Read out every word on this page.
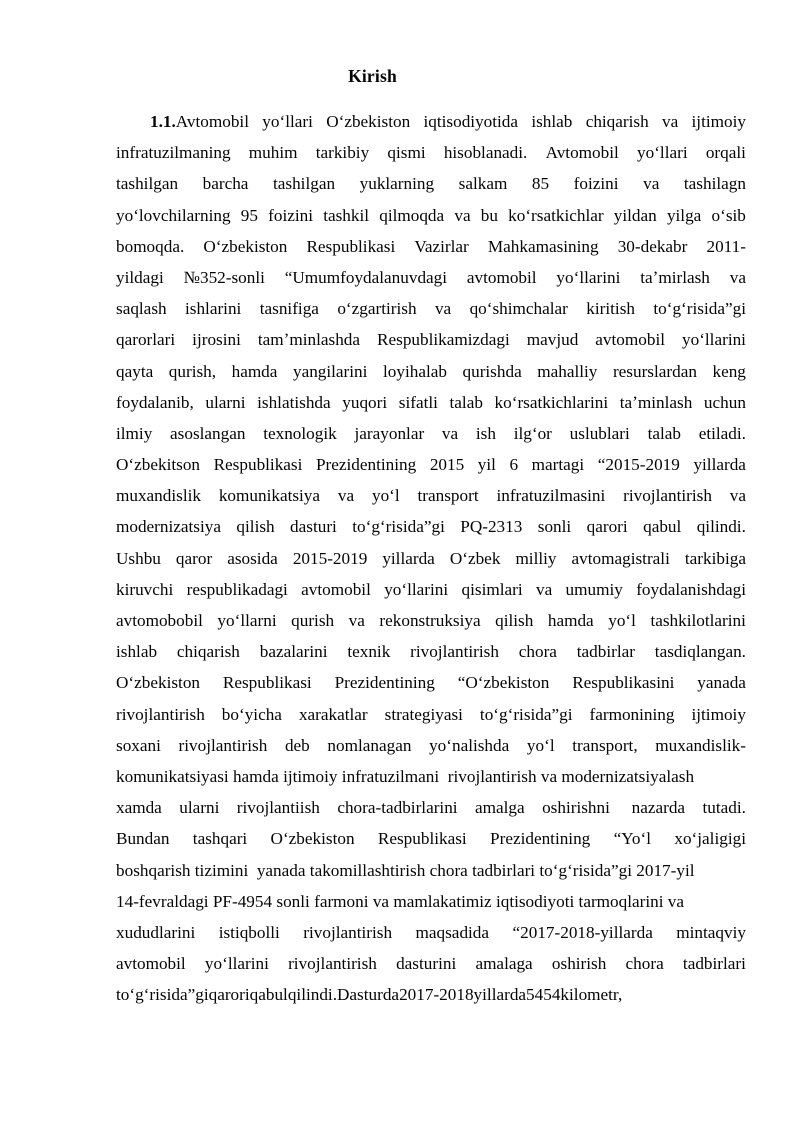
Kirish
1.1.Avtomobil yoʻllari Oʻzbekiston iqtisodiyotida ishlab chiqarish va ijtimoiy
infratuzilmaning muhim tarkibiy qismi hisoblanadi. Avtomobil yoʻllari orqali
tashilgan barcha tashilgan yuklarning salkam 85 foizini va tashilagn
yoʻlovchilarning 95 foizini tashkil qilmoqda va bu koʻrsatkichlar yildan yilga oʻsib
bomoqda. Oʻzbekiston Respublikasi Vazirlar Mahkamasining 30-dekabr 2011-
yildagi №352-sonli “Umumfoydalanuvdagi avtomobil yoʻllarini taʼmirlash va
saqlash ishlarini tasnifiga oʻzgartirish va qoʻshimchalar kiritish toʻgʻrisida”gi
qarorlari ijrosini tamʼminlashda Respublikamizdagi mavjud avtomobil yoʻllarini
qayta qurish, hamda yangilarini loyihalab qurishda mahalliy resurslardan keng
foydalanib, ularni ishlatishda yuqori sifatli talab koʻrsatkichlarini taʼminlash uchun
ilmiy asoslangan texnologik jarayonlar va ish ilgʻor uslublari talab etiladi.
Oʻzbekitson Respublikasi Prezidentining 2015 yil 6 martagi “2015-2019 yillarda
muxandislik komunikatsiya va yoʻl transport infratuzilmasini rivojlantirish va
modernizatsiya qilish dasturi toʻgʻrisida”gi PQ-2313 sonli qarori qabul qilindi.
Ushbu qaror asosida 2015-2019 yillarda Oʻzbek milliy avtomagistrali tarkibiga
kiruvchi respublikadagi avtomobil yoʻllarini qisimlari va umumiy foydalanishdagi
avtomobobil yoʻllarni qurish va rekonstruksiya qilish hamda yoʻl tashkilotlarini
ishlab chiqarish bazalarini texnik rivojlantirish chora tadbirlar tasdiqlangan.
Oʻzbekiston Respublikasi Prezidentining “Oʻzbekiston Respublikasini yanada
rivojlantirish boʻyicha xarakatlar strategiyasi toʻgʻrisida”gi farmonining ijtimoiy
soxani rivojlantirish deb nomlanagan yoʻnalishda yoʻl transport, muxandislik-
komunikatsiyasi hamda ijtimoiy infratuzilmani  rivojlantirish va modernizatsiyalash
xamda ularni rivojlantiish chora-tadbirlarini amalga oshirishni nazarda tutadi.
Bundan tashqari Oʻzbekiston Respublikasi Prezidentining “Yoʻl xoʻjaligigi
boshqarish tizimini  yanada takomillashtirish chora tadbirlari toʻgʻrisida”gi 2017-yil
14-fevraldagi PF-4954 sonli farmoni va mamlakatimiz iqtisodiyoti tarmoqlarini va
xududlarini istiqbolli rivojlantirish maqsadida “2017-2018-yillarda mintaqviy
avtomobil yoʻllarini rivojlantirish dasturini amalaga oshirish chora tadbirlari
toʻgʻrisida”gi qarori qabul qilindi. Dasturda 2017-2018 yillarda 5454 kilometr,
